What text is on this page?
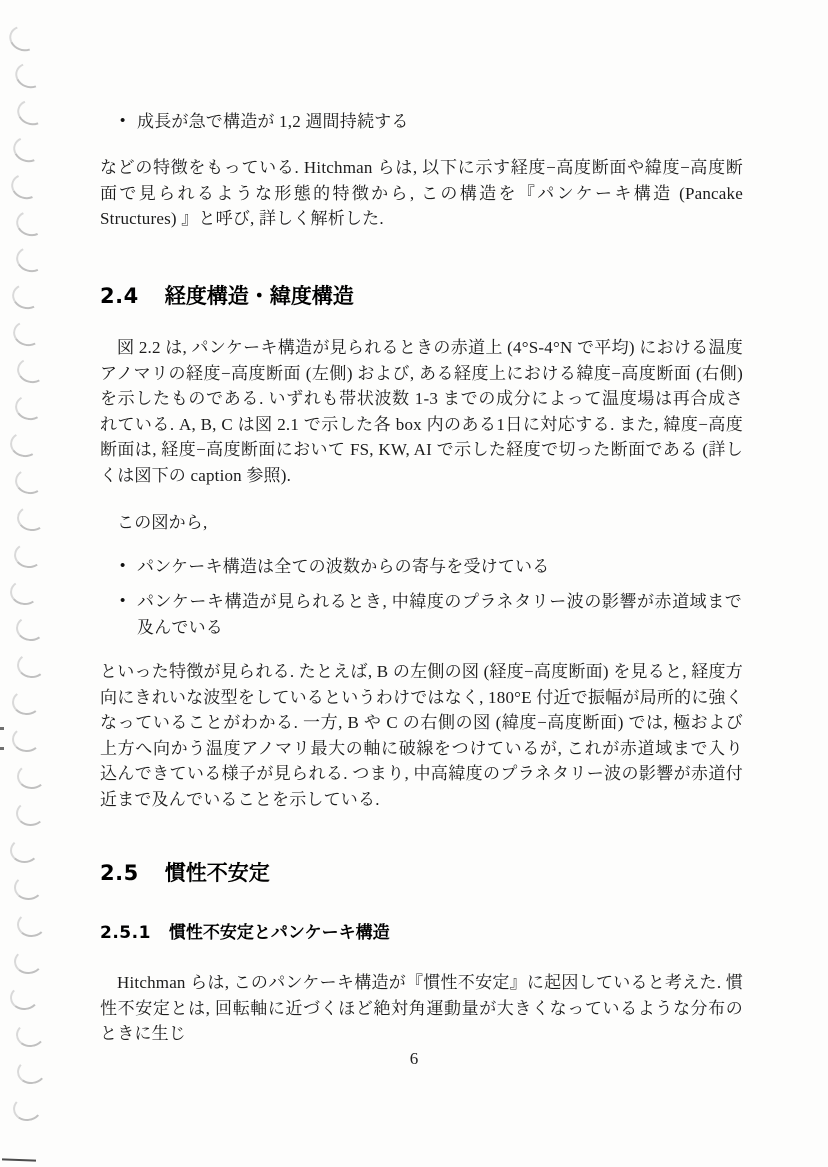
•
成長が急で構造が 1,2 週間持続する

などの特徴をもっている. Hitchman らは, 以下に示す経度−高度断面や緯度−高度断面で見られるような形態的特徴から, この構造を『パンケーキ構造 (Pancake Structures) 』と呼び, 詳しく解析した.

2.4 経度構造・緯度構造

図 2.2 は, パンケーキ構造が見られるときの赤道上 (4°S-4°N で平均) における温度アノマリの経度−高度断面 (左側) および, ある経度上における緯度−高度断面 (右側) を示したものである. いずれも帯状波数 1-3 までの成分によって温度場は再合成されている. A, B, C は図 2.1 で示した各 box 内のある1日に対応する. また, 緯度−高度断面は, 経度−高度断面において FS, KW, AI で示した経度で切った断面である (詳しくは図下の caption 参照).

この図から,

•
パンケーキ構造は全ての波数からの寄与を受けている
•
パンケーキ構造が見られるとき, 中緯度のプラネタリー波の影響が赤道域まで及んでいる

といった特徴が見られる. たとえば, B の左側の図 (経度−高度断面) を見ると, 経度方向にきれいな波型をしているというわけではなく, 180°E 付近で振幅が局所的に強くなっていることがわかる. 一方, B や C の右側の図 (緯度−高度断面) では, 極および上方へ向かう温度アノマリ最大の軸に破線をつけているが, これが赤道域まで入り込んできている様子が見られる. つまり, 中高緯度のプラネタリー波の影響が赤道付近まで及んでいることを示している.

2.5 慣性不安定
2.5.1 慣性不安定とパンケーキ構造

Hitchman らは, このパンケーキ構造が『慣性不安定』に起因していると考えた. 慣性不安定とは, 回転軸に近づくほど絶対角運動量が大きくなっているような分布のときに生じ

6
